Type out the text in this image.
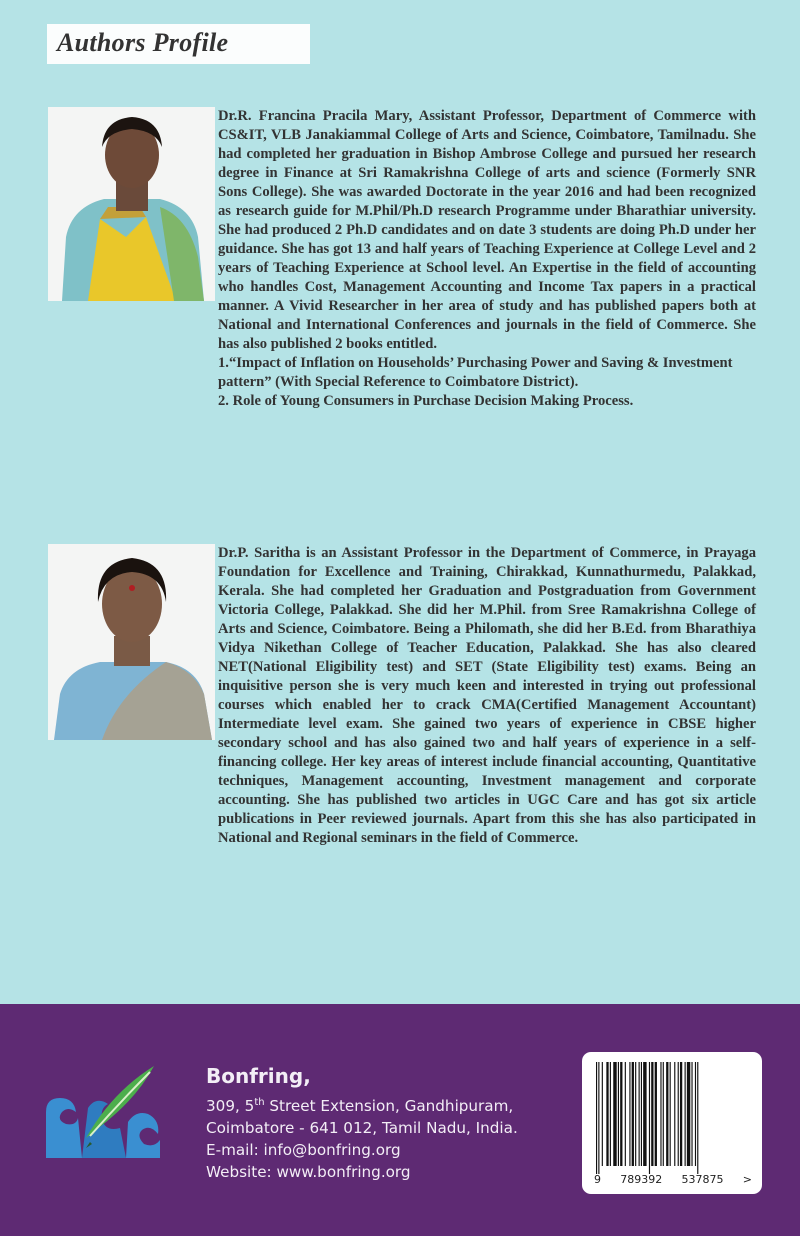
Authors Profile

Dr.R. Francina Pracila Mary, Assistant Professor, Department of Commerce with CS&IT, VLB Janakiammal College of Arts and Science, Coimbatore, Tamilnadu. She had completed her graduation in Bishop Ambrose College and pursued her research degree in Finance at Sri Ramakrishna College of arts and science (Formerly SNR Sons College). She was awarded Doctorate in the year 2016 and had been recognized as research guide for M.Phil/Ph.D research Programme under Bharathiar university. She had produced 2 Ph.D candidates and on date 3 students are doing Ph.D under her guidance. She has got 13 and half years of Teaching Experience at College Level and 2 years of Teaching Experience at School level. An Expertise in the field of accounting who handles Cost, Management Accounting and Income Tax papers in a practical manner. A Vivid Researcher in her area of study and has published papers both at National and International Conferences and journals in the field of Commerce. She has also published 2 books entitled.

1.“Impact of Inflation on Households’ Purchasing Power and Saving & Investment pattern” (With Special Reference to Coimbatore District).

2. Role of Young Consumers in Purchase Decision Making Process.

Dr.P. Saritha is an Assistant Professor in the Department of Commerce, in Prayaga Foundation for Excellence and Training, Chirakkad, Kunnathurmedu, Palakkad, Kerala. She had completed her Graduation and Postgraduation from Government Victoria College, Palakkad. She did her M.Phil. from Sree Ramakrishna College of Arts and Science, Coimbatore. Being a Philomath, she did her B.Ed. from Bharathiya Vidya Nikethan College of Teacher Education, Palakkad. She has also cleared NET(National Eligibility test) and SET (State Eligibility test) exams. Being an inquisitive person she is very much keen and interested in trying out professional courses which enabled her to crack CMA(Certified Management Accountant) Intermediate level exam. She gained two years of experience in CBSE higher secondary school and has also gained two and half years of experience in a self-financing college. Her key areas of interest include financial accounting, Quantitative techniques, Management accounting, Investment management and corporate accounting. She has published two articles in UGC Care and has got six article publications in Peer reviewed journals. Apart from this she has also participated in National and Regional seminars in the field of Commerce.

Bonfring,
309, 5th Street Extension, Gandhipuram,
Coimbatore - 641 012, Tamil Nadu, India.
E-mail: info@bonfring.org
Website: www.bonfring.org	9 789392 537875 >
